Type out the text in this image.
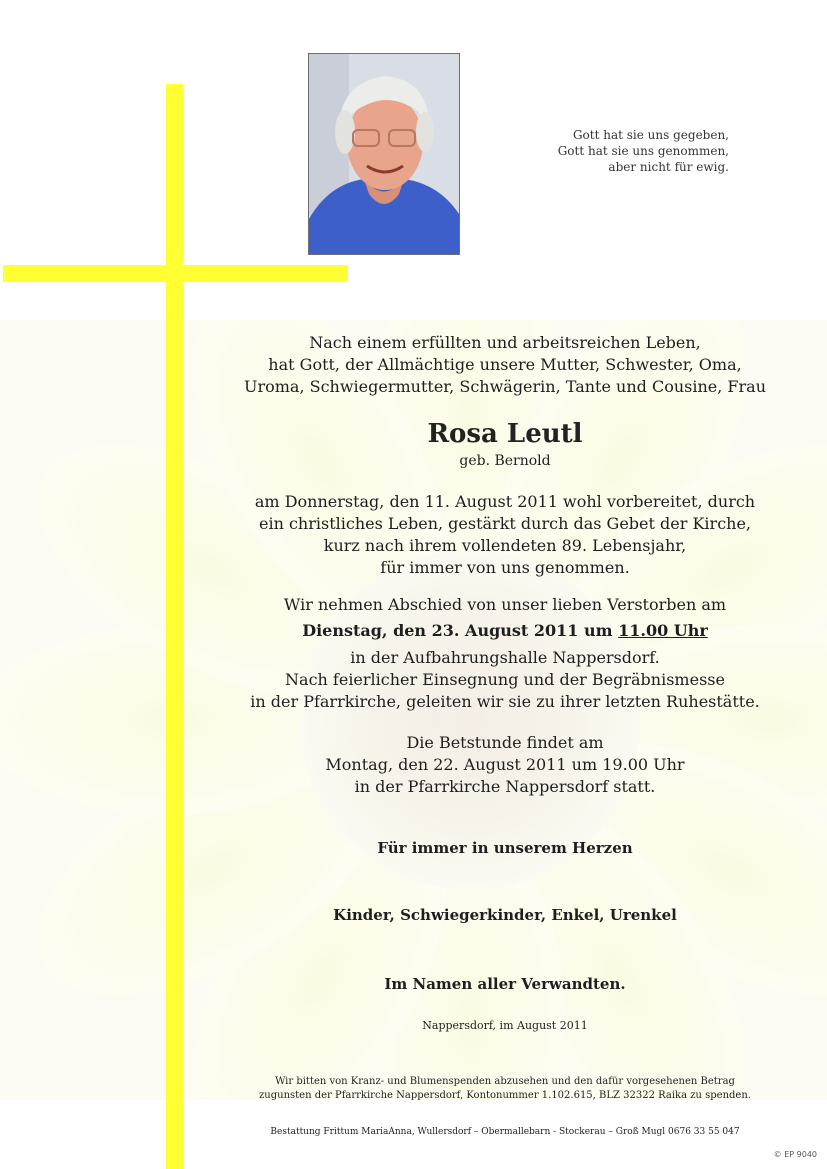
Gott hat sie uns gegeben,
Gott hat sie uns genommen,
aber nicht für ewig.
Nach einem erfüllten und arbeitsreichen Leben,
hat Gott, der Allmächtige unsere Mutter, Schwester, Oma,
Uroma, Schwiegermutter, Schwägerin, Tante und Cousine, Frau
Rosa Leutl
geb. Bernold
am Donnerstag, den 11. August 2011 wohl vorbereitet, durch
ein christliches Leben, gestärkt durch das Gebet der Kirche,
kurz nach ihrem vollendeten 89. Lebensjahr,
für immer von uns genommen.
Wir nehmen Abschied von unser lieben Verstorben am
Dienstag, den 23. August 2011 um 11.00 Uhr
in der Aufbahrungshalle Nappersdorf.
Nach feierlicher Einsegnung und der Begräbnismesse
in der Pfarrkirche, geleiten wir sie zu ihrer letzten Ruhestätte.
Die Betstunde findet am
Montag, den 22. August 2011 um 19.00 Uhr
in der Pfarrkirche Nappersdorf statt.
Für immer in unserem Herzen
Kinder, Schwiegerkinder, Enkel, Urenkel
Im Namen aller Verwandten.
Nappersdorf, im August 2011
Wir bitten von Kranz- und Blumenspenden abzusehen und den dafür vorgesehenen Betrag
zugunsten der Pfarrkirche Nappersdorf, Kontonummer 1.102.615, BLZ 32322 Raika zu spenden.
Bestattung Frittum MariaAnna, Wullersdorf – Obermallebarn - Stockerau – Groß Mugl 0676 33 55 047
© EP 9040
